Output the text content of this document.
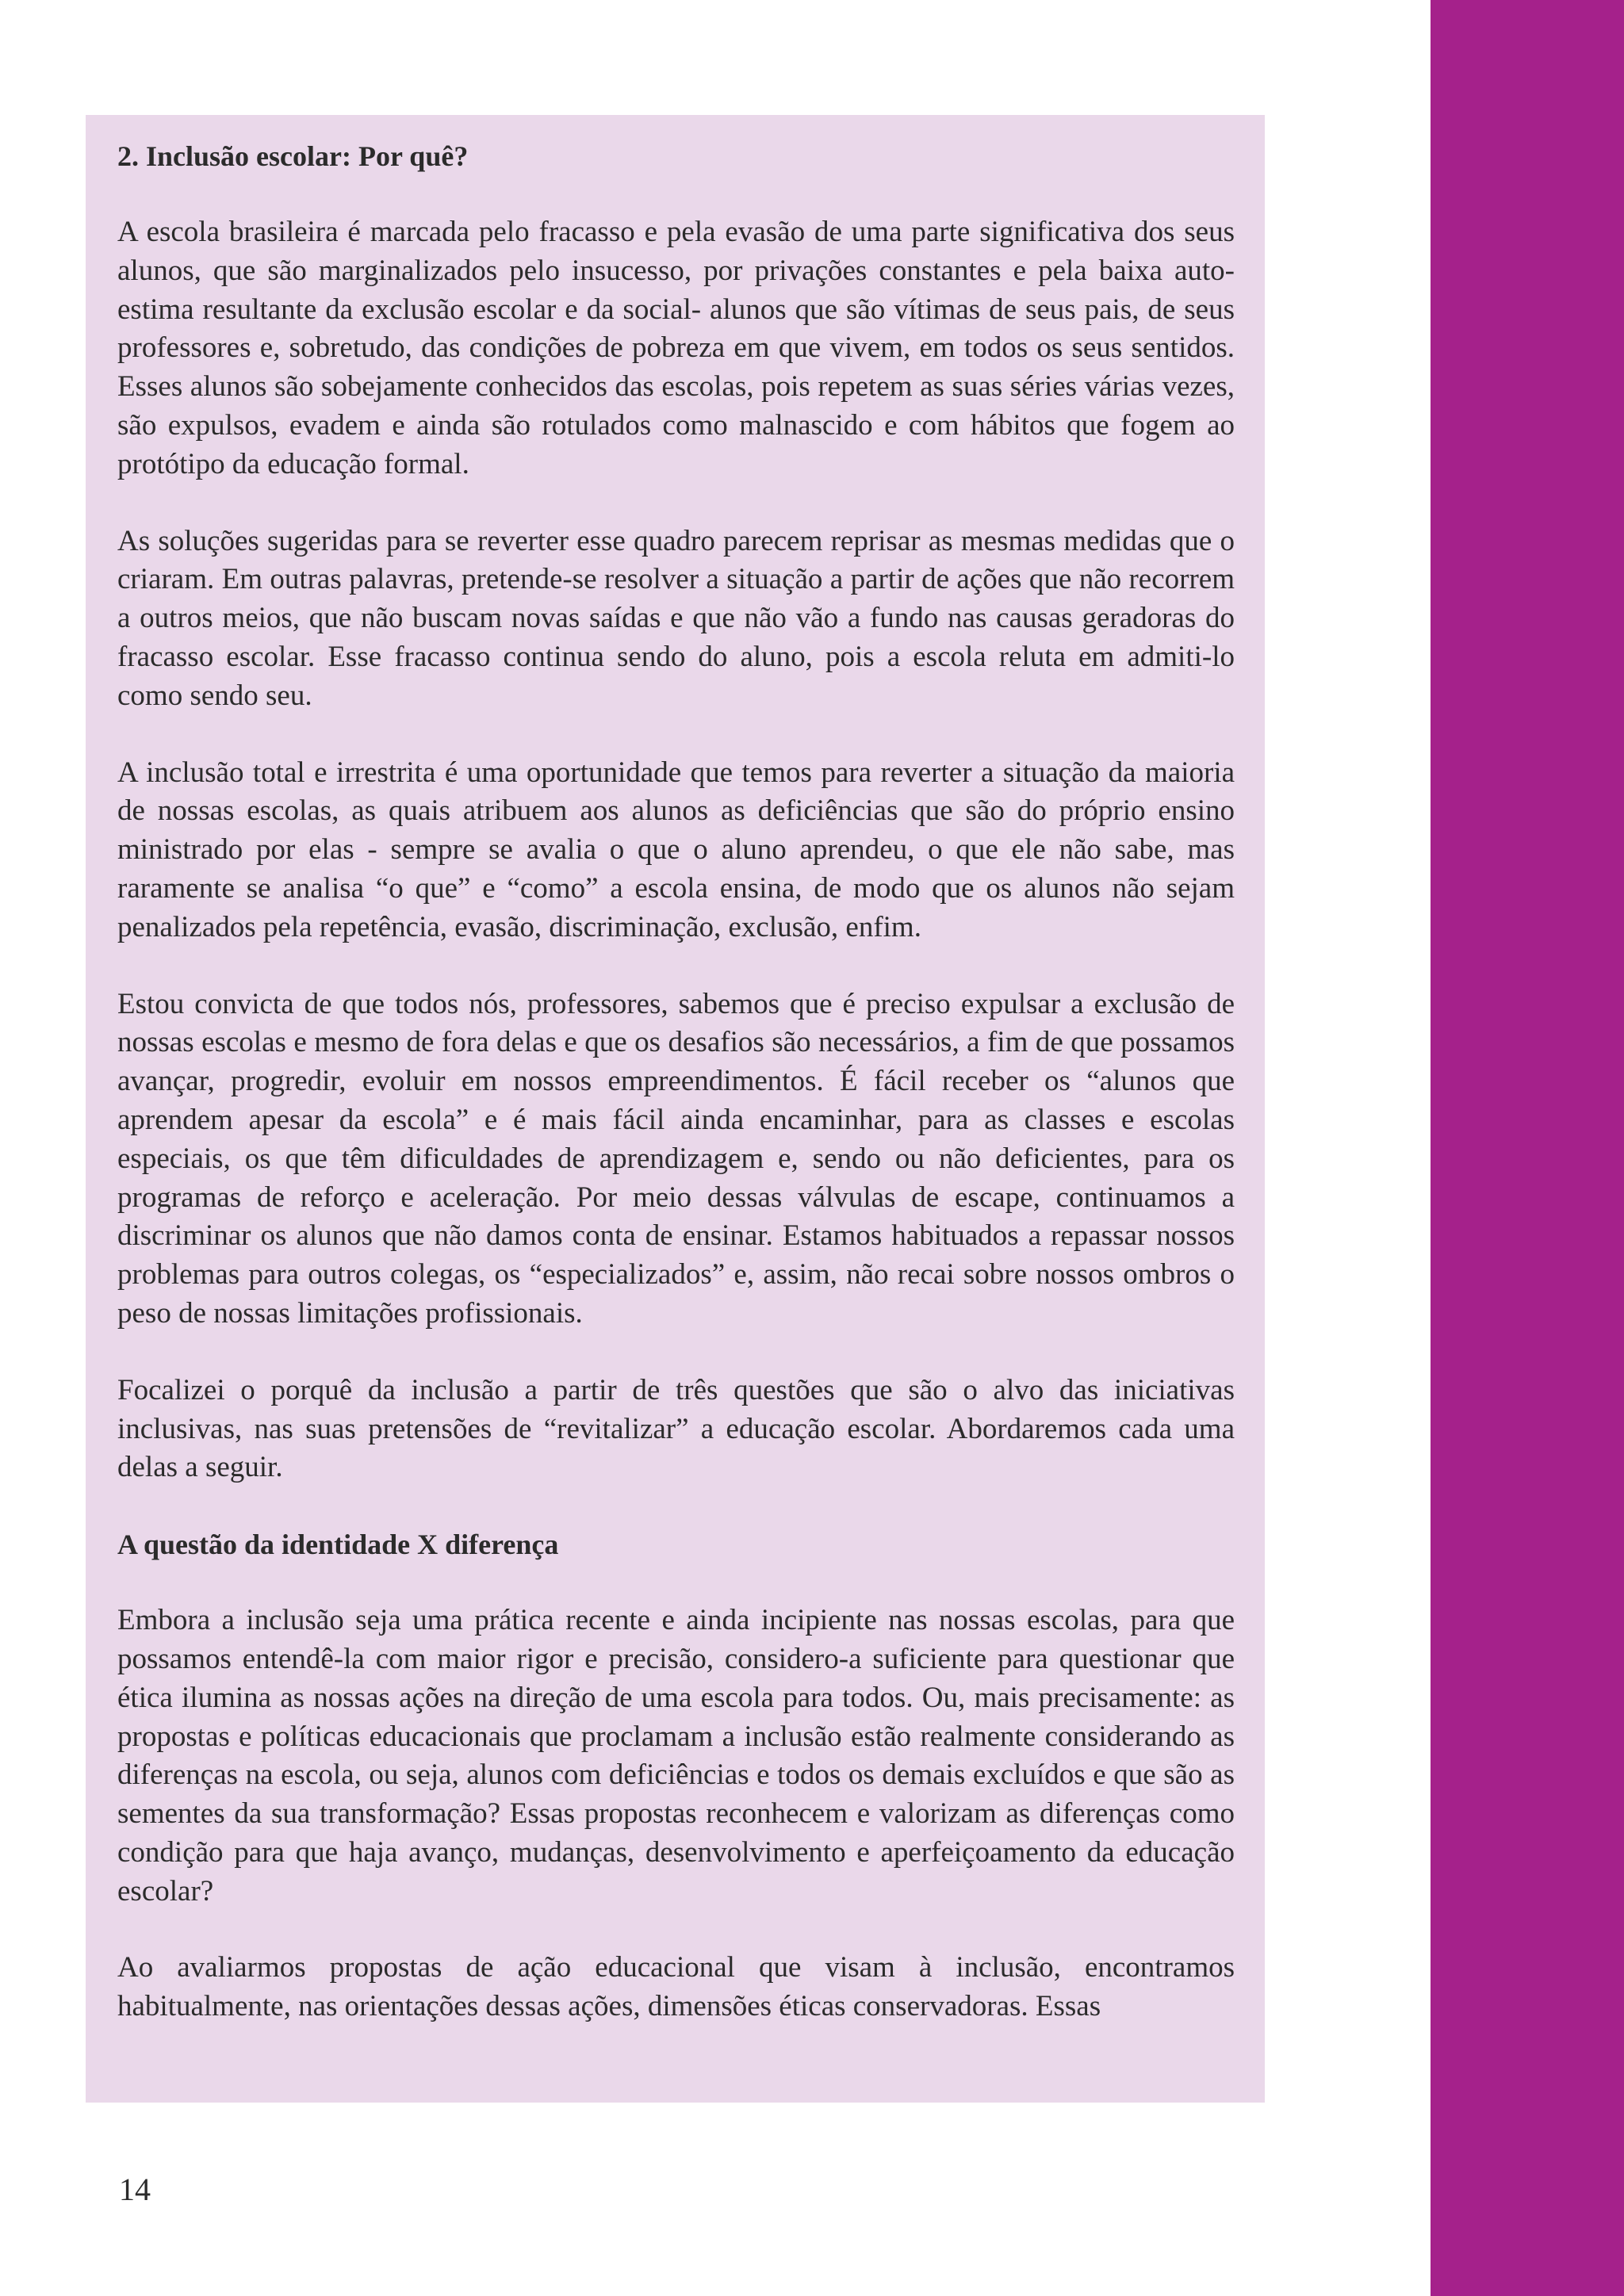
2. Inclusão escolar: Por quê?

A escola brasileira é marcada pelo fracasso e pela evasão de uma parte significativa dos seus alunos, que são marginalizados pelo insucesso, por privações constantes e pela baixa auto-estima resultante da exclusão escolar e da social- alunos que são vítimas de seus pais, de seus professores e, sobretudo, das condições de pobreza em que vivem, em todos os seus sentidos. Esses alunos são sobejamente conhecidos das escolas, pois repetem as suas séries várias vezes, são expulsos, evadem e ainda são rotulados como malnascido e com hábitos que fogem ao protótipo da educação formal.

As soluções sugeridas para se reverter esse quadro parecem reprisar as mesmas medidas que o criaram. Em outras palavras, pretende-se resolver a situação a partir de ações que não recorrem a outros meios, que não buscam novas saídas e que não vão a fundo nas causas geradoras do fracasso escolar. Esse fracasso continua sendo do aluno, pois a escola reluta em admiti-lo como sendo seu.

A inclusão total e irrestrita é uma oportunidade que temos para reverter a situação da maioria de nossas escolas, as quais atribuem aos alunos as deficiências que são do próprio ensino ministrado por elas - sempre se avalia o que o aluno aprendeu, o que ele não sabe, mas raramente se analisa “o que” e “como” a escola ensina, de modo que os alunos não sejam penalizados pela repetência, evasão, discriminação, exclusão, enfim.

Estou convicta de que todos nós, professores, sabemos que é preciso expulsar a exclusão de nossas escolas e mesmo de fora delas e que os desafios são necessários, a fim de que possamos avançar, progredir, evoluir em nossos empreendimentos. É fácil receber os “alunos que aprendem apesar da escola” e é mais fácil ainda encaminhar, para as classes e escolas especiais, os que têm dificuldades de aprendizagem e, sendo ou não deficientes, para os programas de reforço e aceleração. Por meio dessas válvulas de escape, continuamos a discriminar os alunos que não damos conta de ensinar. Estamos habituados a repassar nossos problemas para outros colegas, os “especializados” e, assim, não recai sobre nossos ombros o peso de nossas limitações profissionais.

Focalizei o porquê da inclusão a partir de três questões que são o alvo das iniciativas inclusivas, nas suas pretensões de “revitalizar” a educação escolar. Abordaremos cada uma delas a seguir.

A questão da identidade X diferença

Embora a inclusão seja uma prática recente e ainda incipiente nas nossas escolas, para que possamos entendê-la com maior rigor e precisão, considero-a suficiente para questionar que ética ilumina as nossas ações na direção de uma escola para todos. Ou, mais precisamente: as propostas e políticas educacionais que proclamam a inclusão estão realmente considerando as diferenças na escola, ou seja, alunos com deficiências e todos os demais excluídos e que são as sementes da sua transformação? Essas propostas reconhecem e valorizam as diferenças como condição para que haja avanço, mudanças, desenvolvimento e aperfeiçoamento da educação escolar?

Ao avaliarmos propostas de ação educacional que visam à inclusão, encontramos habitualmente, nas orientações dessas ações, dimensões éticas conservadoras. Essas

14
